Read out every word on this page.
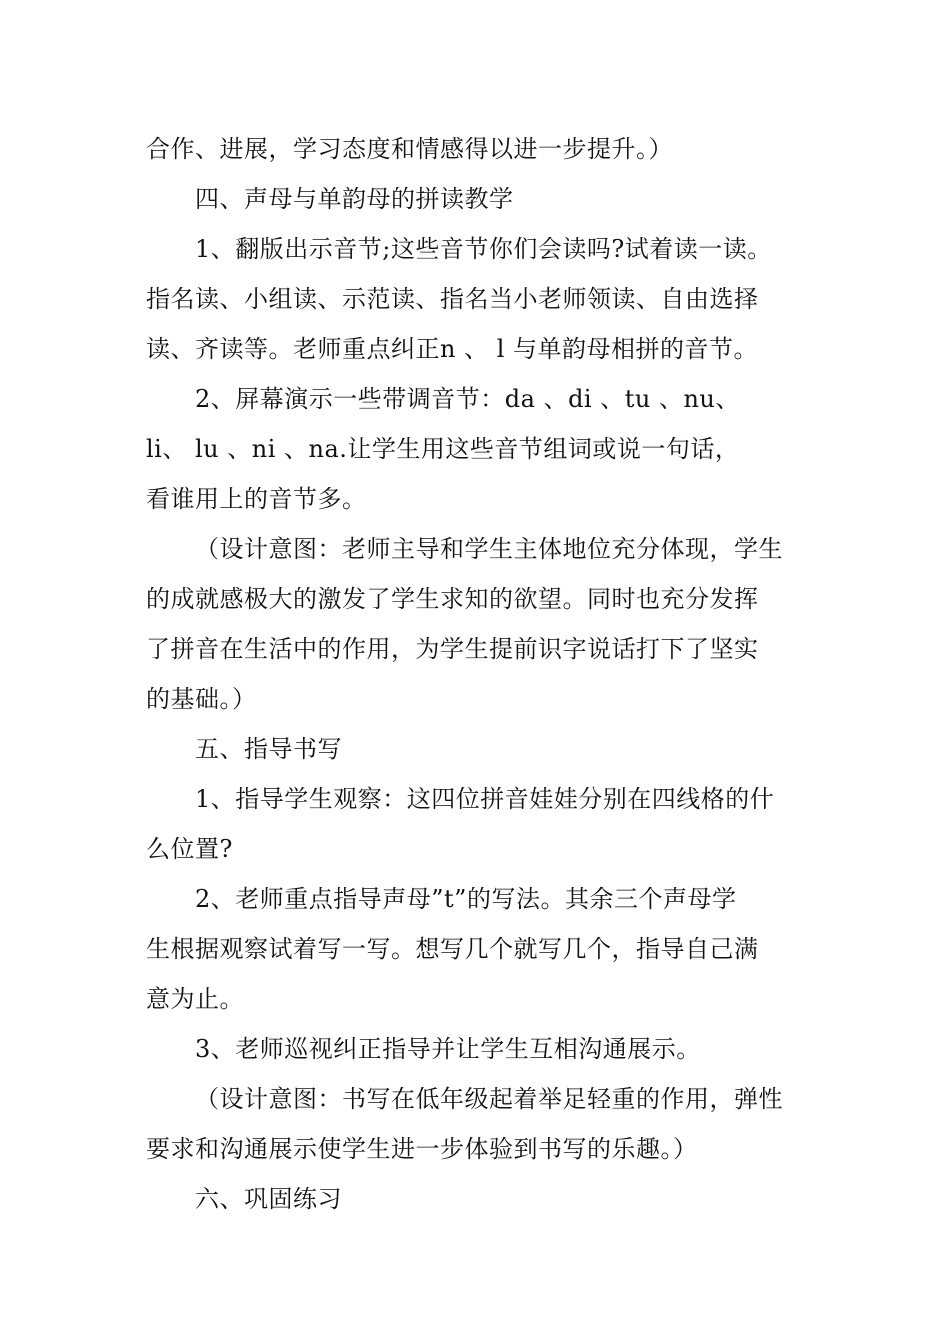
合作、进展，学习态度和情感得以进一步提升。）
四、声母与单韵母的拼读教学
1、翻版出示音节;这些音节你们会读吗?试着读一读。
指名读、小组读、示范读、指名当小老师领读、自由选择
读、齐读等。老师重点纠正n 、 l 与单韵母相拼的音节。
2、屏幕演示一些带调音节：da 、di 、tu 、nu、
li、 lu 、ni 、na.让学生用这些音节组词或说一句话，
看谁用上的音节多。
（设计意图：老师主导和学生主体地位充分体现，学生
的成就感极大的激发了学生求知的欲望。同时也充分发挥
了拼音在生活中的作用，为学生提前识字说话打下了坚实
的基础。）
五、指导书写
1、指导学生观察：这四位拼音娃娃分别在四线格的什
么位置?
2、老师重点指导声母”t”的写法。其余三个声母学
生根据观察试着写一写。想写几个就写几个，指导自己满
意为止。
3、老师巡视纠正指导并让学生互相沟通展示。
（设计意图：书写在低年级起着举足轻重的作用，弹性
要求和沟通展示使学生进一步体验到书写的乐趣。）
六、巩固练习
